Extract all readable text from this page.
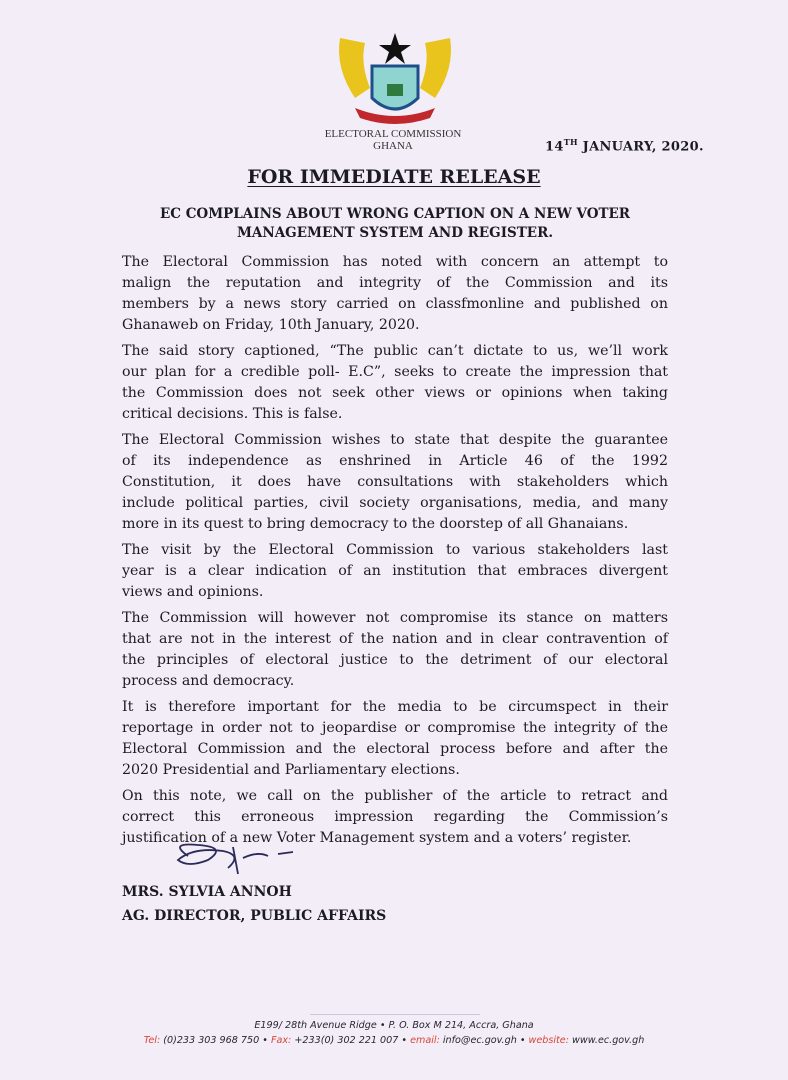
ELECTORAL COMMISSION
GHANA	14TH JANUARY, 2020.
FOR IMMEDIATE RELEASE
EC COMPLAINS ABOUT WRONG CAPTION ON A NEW VOTER
MANAGEMENT SYSTEM AND REGISTER.
The Electoral Commission has noted with concern an attempt to
malign the reputation and integrity of the Commission and its
members by a news story carried on classfmonline and published on
Ghanaweb on Friday, 10th January, 2020.
The said story captioned, “The public can’t dictate to us, we’ll work
our plan for a credible poll- E.C”, seeks to create the impression that
the Commission does not seek other views or opinions when taking
critical decisions. This is false.
The Electoral Commission wishes to state that despite the guarantee
of its independence as enshrined in Article 46 of the 1992
Constitution, it does have consultations with stakeholders which
include political parties, civil society organisations, media, and many
more in its quest to bring democracy to the doorstep of all Ghanaians.
The visit by the Electoral Commission to various stakeholders last
year is a clear indication of an institution that embraces divergent
views and opinions.
The Commission will however not compromise its stance on matters
that are not in the interest of the nation and in clear contravention of
the principles of electoral justice to the detriment of our electoral
process and democracy.
It is therefore important for the media to be circumspect in their
reportage in order not to jeopardise or compromise the integrity of the
Electoral Commission and the electoral process before and after the
2020 Presidential and Parliamentary elections.
On this note, we call on the publisher of the article to retract and
correct this erroneous impression regarding the Commission’s
justification of a new Voter Management system and a voters’ register.
MRS. SYLVIA ANNOH
AG. DIRECTOR, PUBLIC AFFAIRS
E199/ 28th Avenue Ridge • P. O. Box M 214, Accra, Ghana
Tel: (0)233 303 968 750 • Fax: +233(0) 302 221 007 • email: info@ec.gov.gh • website: www.ec.gov.gh
